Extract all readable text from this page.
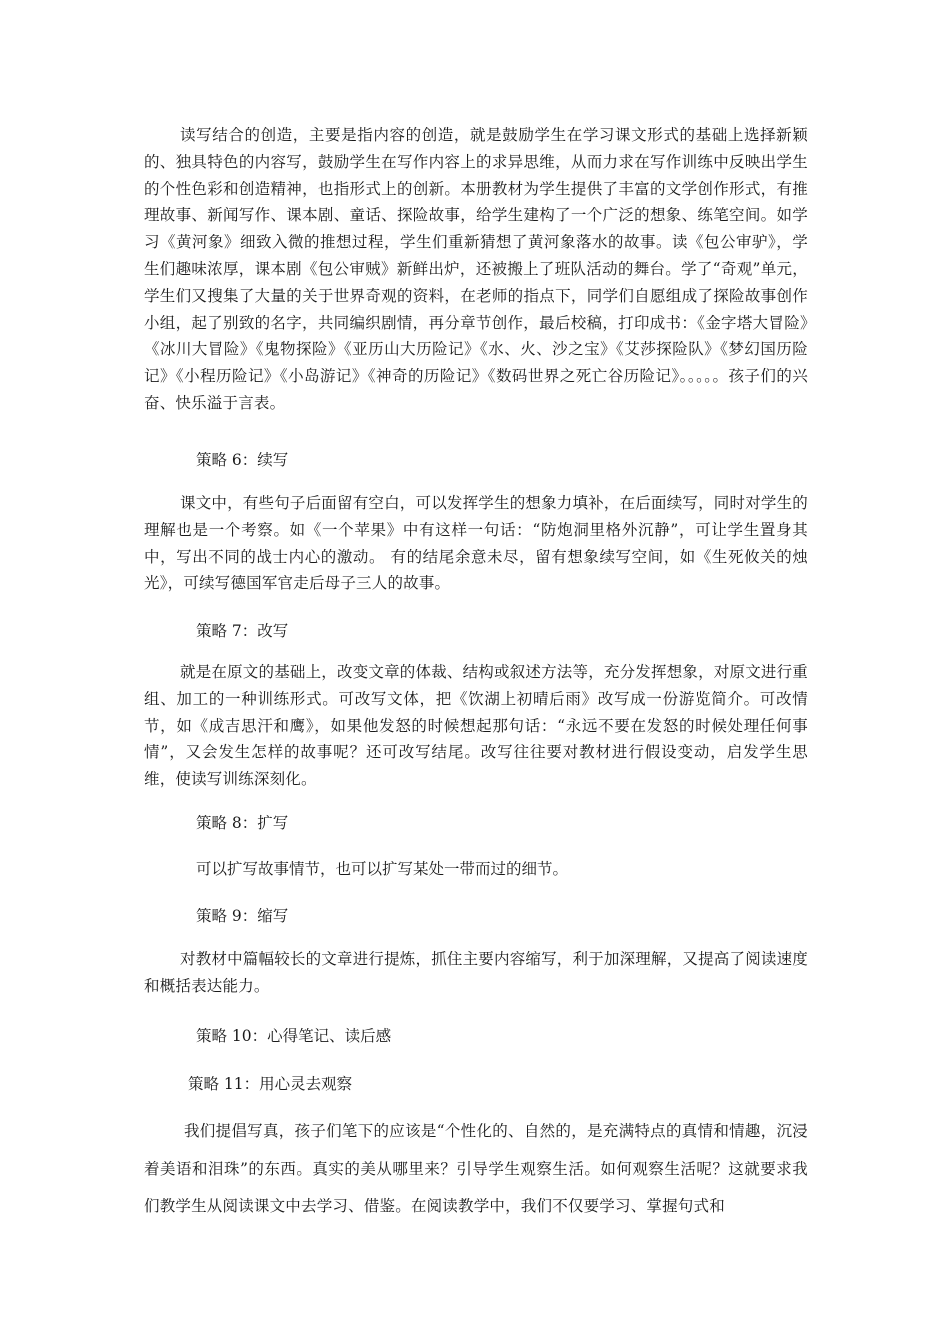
读写结合的创造，主要是指内容的创造，就是鼓励学生在学习课文形式的基础上选择新颖的、独具特色的内容写，鼓励学生在写作内容上的求异思维，从而力求在写作训练中反映出学生的个性色彩和创造精神，也指形式上的创新。本册教材为学生提供了丰富的文学创作形式，有推理故事、新闻写作、课本剧、童话、探险故事，给学生建构了一个广泛的想象、练笔空间。如学习《黄河象》细致入微的推想过程，学生们重新猜想了黄河象落水的故事。读《包公审驴》，学生们趣味浓厚，课本剧《包公审贼》新鲜出炉，还被搬上了班队活动的舞台。学了“奇观”单元，学生们又搜集了大量的关于世界奇观的资料，在老师的指点下，同学们自愿组成了探险故事创作小组，起了别致的名字，共同编织剧情，再分章节创作，最后校稿，打印成书：《金字塔大冒险》《冰川大冒险》《鬼物探险》《亚历山大历险记》《水、火、沙之宝》《艾莎探险队》《梦幻国历险记》《小程历险记》《小岛游记》《神奇的历险记》《数码世界之死亡谷历险记》。。。。。孩子们的兴奋、快乐溢于言表。

策略 6：续写

课文中，有些句子后面留有空白，可以发挥学生的想象力填补，在后面续写，同时对学生的理解也是一个考察。如《一个苹果》中有这样一句话：“防炮洞里格外沉静”，可让学生置身其中，写出不同的战士内心的激动。 有的结尾余意未尽，留有想象续写空间，如《生死攸关的烛光》，可续写德国军官走后母子三人的故事。

策略 7：改写

就是在原文的基础上，改变文章的体裁、结构或叙述方法等，充分发挥想象，对原文进行重组、加工的一种训练形式。可改写文体，把《饮湖上初晴后雨》改写成一份游览简介。可改情节，如《成吉思汗和鹰》，如果他发怒的时候想起那句话：“永远不要在发怒的时候处理任何事情”，又会发生怎样的故事呢？还可改写结尾。改写往往要对教材进行假设变动，启发学生思维，使读写训练深刻化。

策略 8：扩写

可以扩写故事情节，也可以扩写某处一带而过的细节。

策略 9：缩写

对教材中篇幅较长的文章进行提炼，抓住主要内容缩写，利于加深理解，又提高了阅读速度和概括表达能力。

策略 10：心得笔记、读后感

策略 11：用心灵去观察

我们提倡写真，孩子们笔下的应该是“个性化的、自然的，是充满特点的真情和情趣，沉浸着美语和泪珠”的东西。真实的美从哪里来？引导学生观察生活。如何观察生活呢？这就要求我们教学生从阅读课文中去学习、借鉴。在阅读教学中，我们不仅要学习、掌握句式和
